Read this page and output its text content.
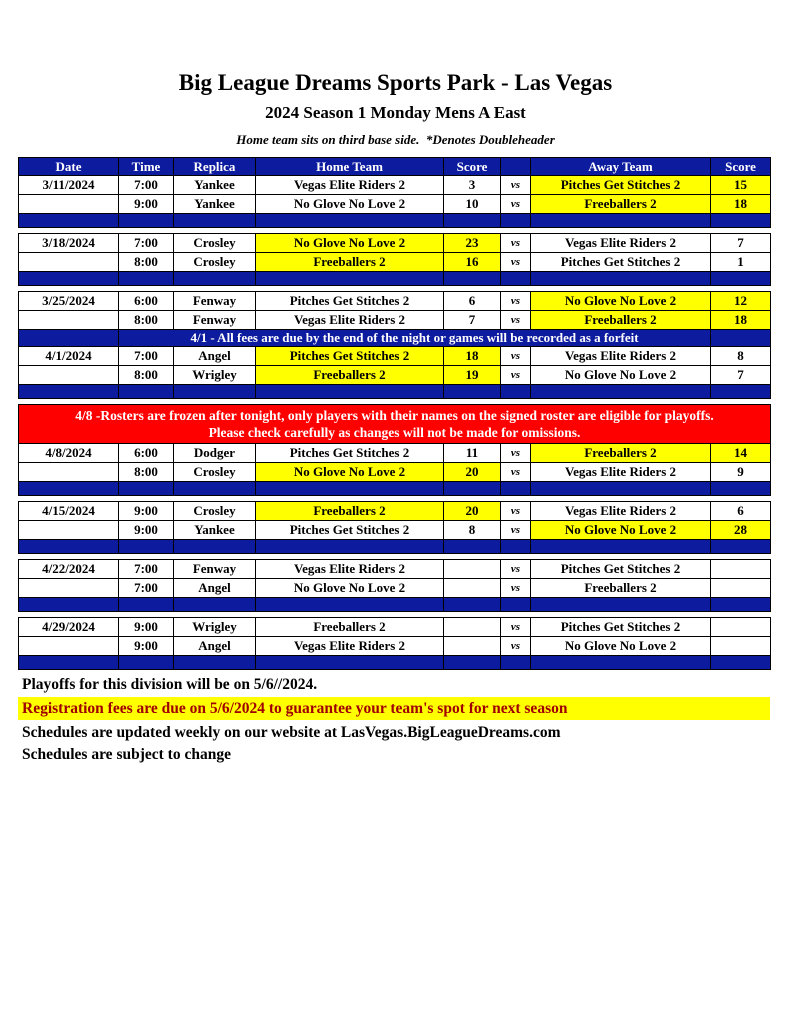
Big League Dreams Sports Park - Las Vegas
2024 Season 1 Monday Mens A East
Home team sits on third base side.  *Denotes Doubleheader
Date	Time	Replica	Home Team	Score		Away Team	Score
3/11/2024	7:00	Yankee	Vegas Elite Riders 2	3	vs	Pitches Get Stitches 2	15
	9:00	Yankee	No Glove No Love 2	10	vs	Freeballers 2	18

3/18/2024	7:00	Crosley	No Glove No Love 2	23	vs	Vegas Elite Riders 2	7
	8:00	Crosley	Freeballers 2	16	vs	Pitches Get Stitches 2	1

3/25/2024	6:00	Fenway	Pitches Get Stitches 2	6	vs	No Glove No Love 2	12
	8:00	Fenway	Vegas Elite Riders 2	7	vs	Freeballers 2	18
	4/1 - All fees are due by the end of the night or games will be recorded as a forfeit						
4/1/2024	7:00	Angel	Pitches Get Stitches 2	18	vs	Vegas Elite Riders 2	8
	8:00	Wrigley	Freeballers 2	19	vs	No Glove No Love 2	7

4/8 -Rosters are frozen after tonight, only players with their names on the signed roster are eligible for playoffs.
Please check carefully as changes will not be made for omissions.							

4/8/2024	6:00	Dodger	Pitches Get Stitches 2	11	vs	Freeballers 2	14
	8:00	Crosley	No Glove No Love 2	20	vs	Vegas Elite Riders 2	9

4/15/2024	9:00	Crosley	Freeballers 2	20	vs	Vegas Elite Riders 2	6
	9:00	Yankee	Pitches Get Stitches 2	8	vs	No Glove No Love 2	28

4/22/2024	7:00	Fenway	Vegas Elite Riders 2		vs	Pitches Get Stitches 2	
	7:00	Angel	No Glove No Love 2		vs	Freeballers 2	

4/29/2024	9:00	Wrigley	Freeballers 2		vs	Pitches Get Stitches 2	
	9:00	Angel	Vegas Elite Riders 2		vs	No Glove No Love 2	

Playoffs for this division will be on 5/6//2024.
Registration fees are due on 5/6/2024 to guarantee your team's spot for next season
Schedules are updated weekly on our website at LasVegas.BigLeagueDreams.com
Schedules are subject to change
